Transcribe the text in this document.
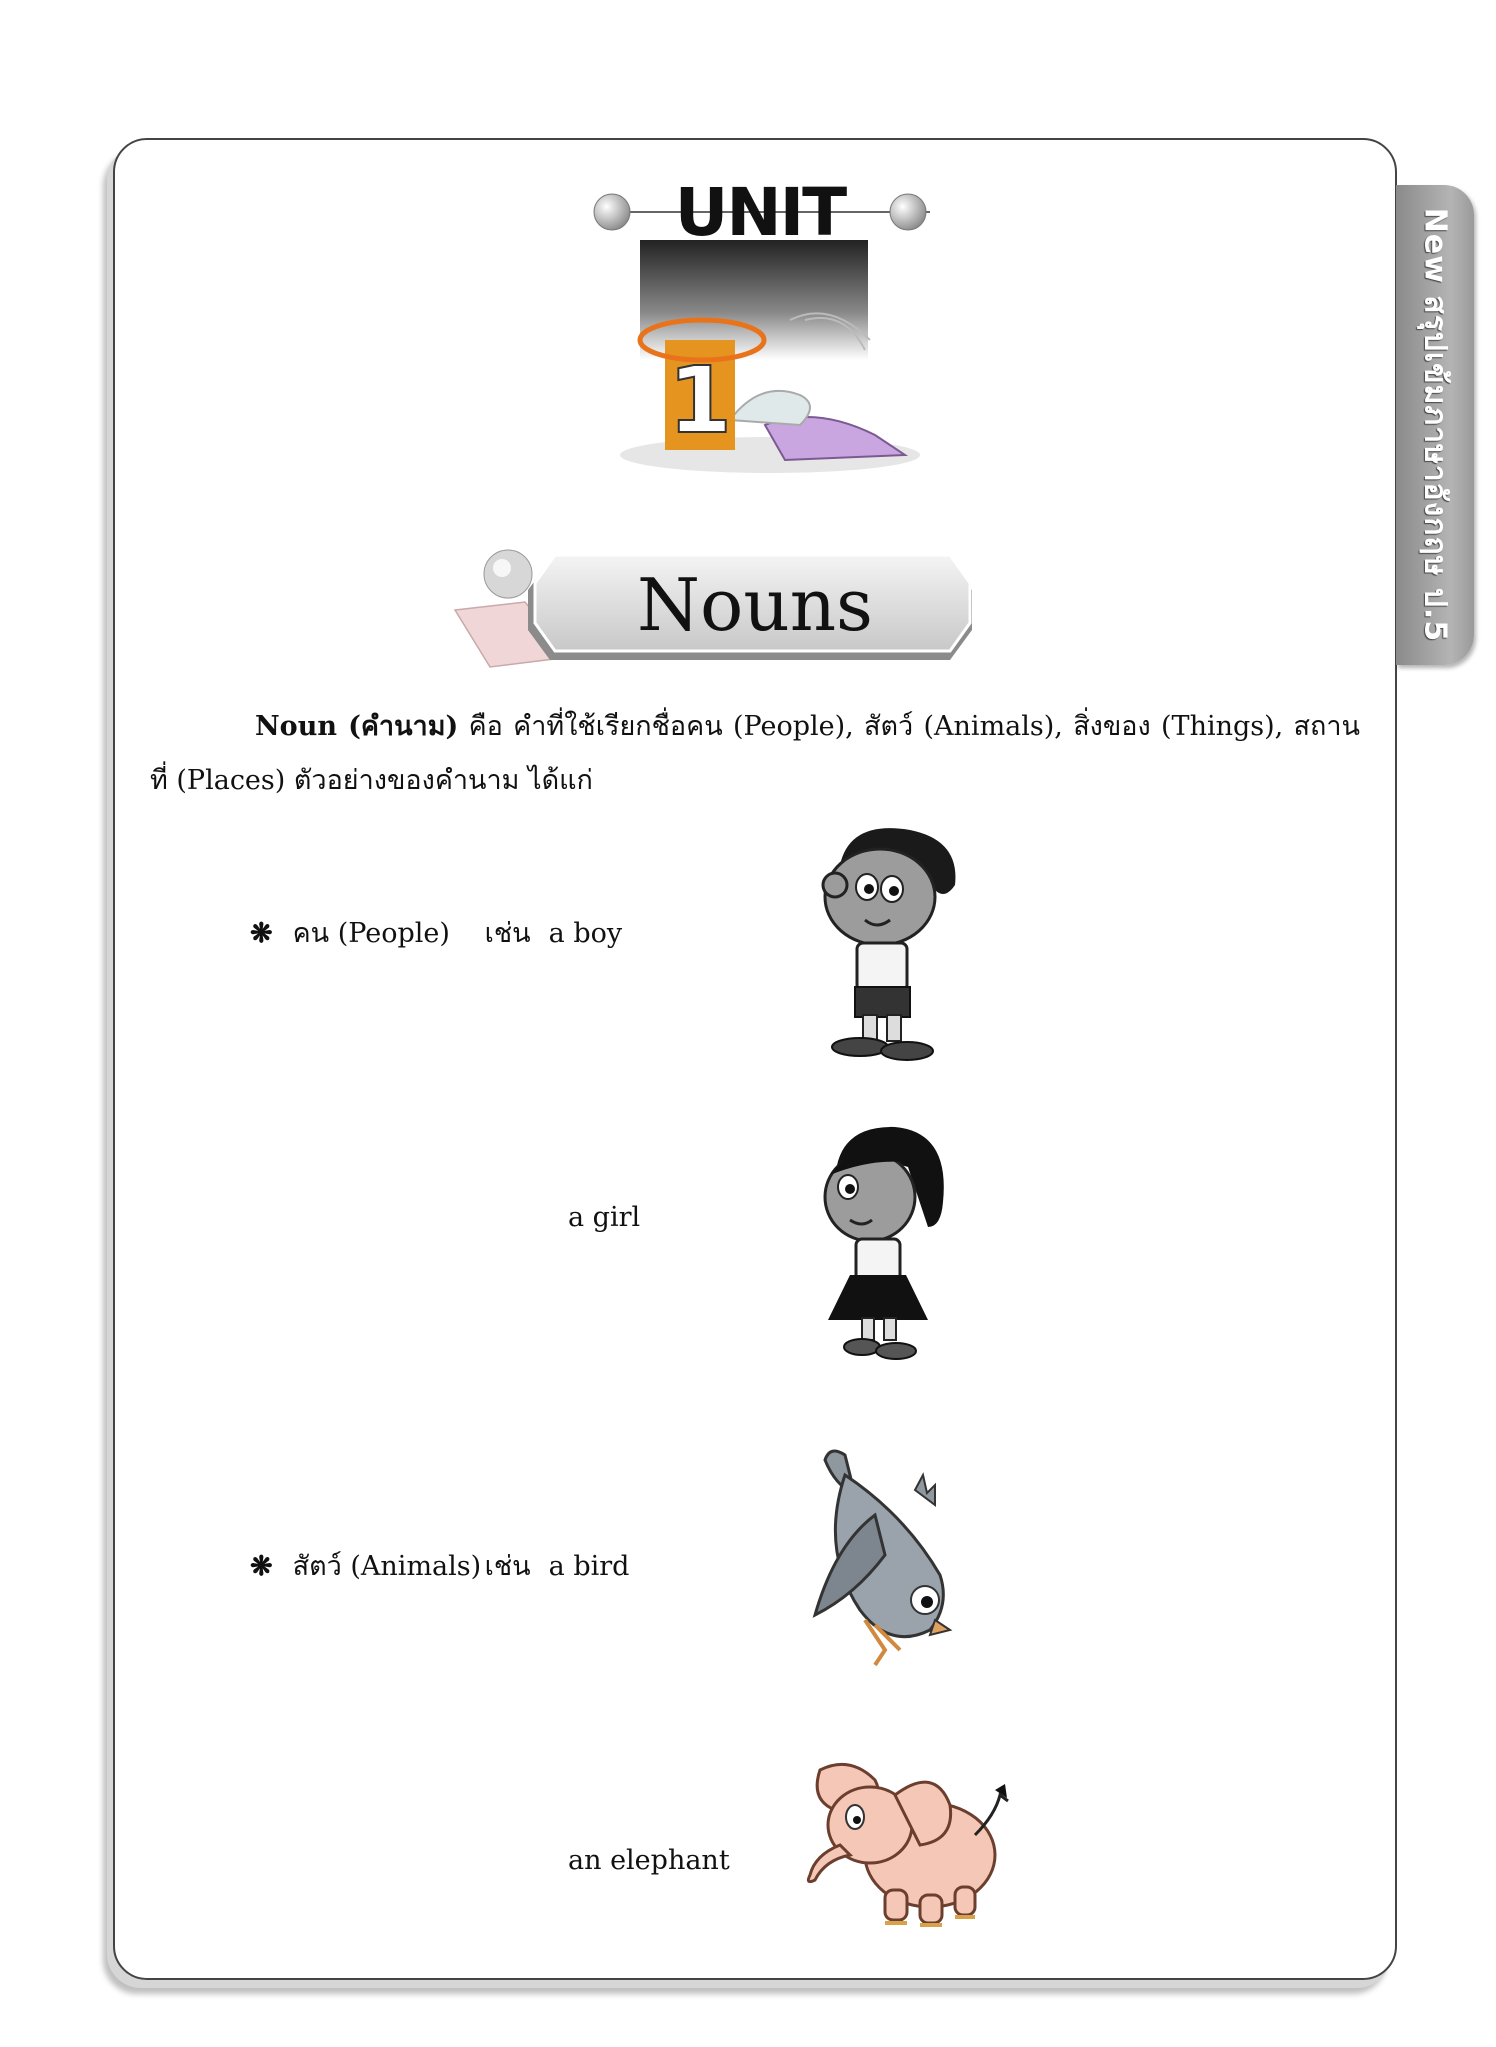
New สรุปเข้มภาษาอังกฤษ ป.5
1
UNIT
Nouns
Noun (คำนาม) คือ คำที่ใช้เรียกชื่อคน (People), สัตว์ (Animals), สิ่งของ (Things), สถานที่ (Places) ตัวอย่างของคำนาม ได้แก่
❋ คน (People) เช่น a boy
a girl
❋ สัตว์ (Animals) เช่น a bird
an elephant
